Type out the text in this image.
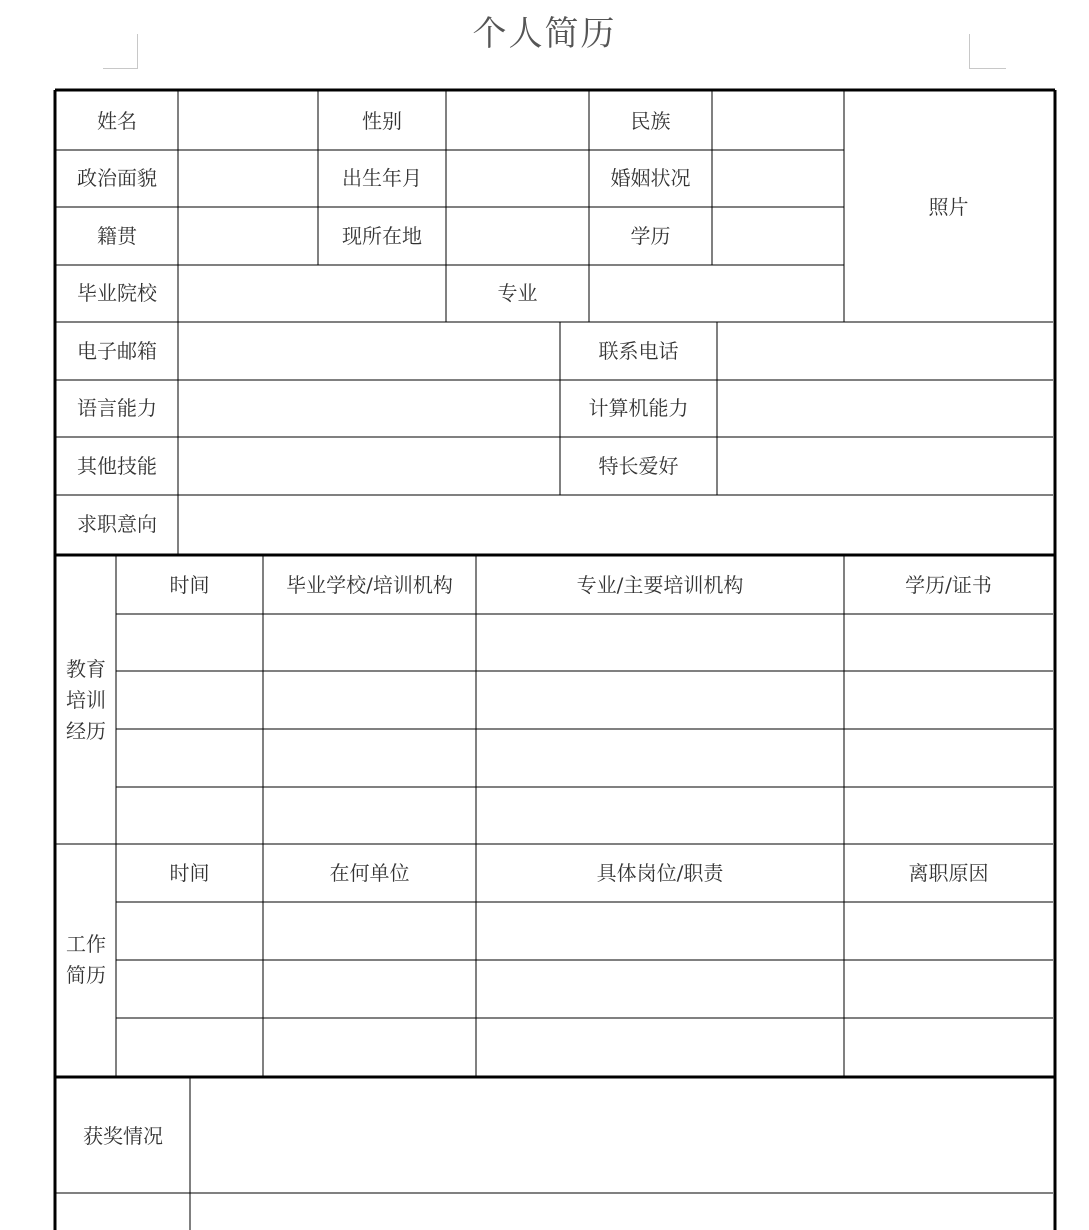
个人简历
姓名	性别	民族
照片
政治面貌	出生年月	婚姻状况
籍贯	现所在地	学历
毕业院校	专业
电子邮箱	联系电话
语言能力	计算机能力
其他技能	特长爱好
求职意向
教育
培训
经历
时间	毕业学校/培训机构	专业/主要培训机构	学历/证书
工作
简历
时间	在何单位	具体岗位/职责	离职原因
获奖情况
